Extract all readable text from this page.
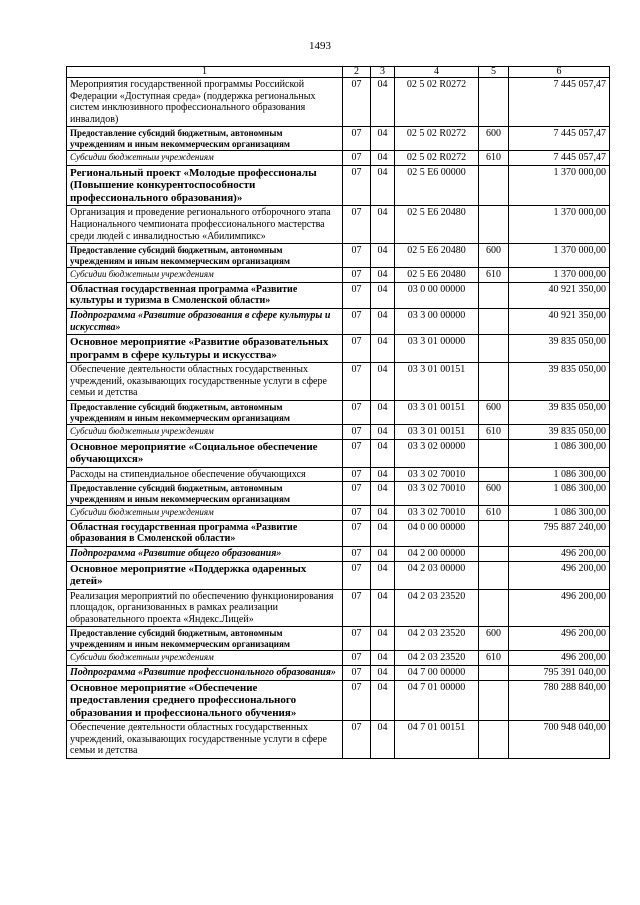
1493
1	2	3	4	5	6
Мероприятия государственной программы Российской Федерации «Доступная среда» (поддержка региональных систем инклюзивного профессионального образования инвалидов)	07	04	02 5 02 R0272		7 445 057,47
Предоставление субсидий бюджетным, автономным учреждениям и иным некоммерческим организациям	07	04	02 5 02 R0272	600	7 445 057,47
Субсидии бюджетным учреждениям	07	04	02 5 02 R0272	610	7 445 057,47
Региональный проект «Молодые профессионалы (Повышение конкурентоспособности профессионального образования)»	07	04	02 5 E6 00000		1 370 000,00
Организация и проведение регионального отборочного этапа Национального чемпионата профессионального мастерства среди людей с инвалидностью «Абилимпикс»	07	04	02 5 E6 20480		1 370 000,00
Предоставление субсидий бюджетным, автономным учреждениям и иным некоммерческим организациям	07	04	02 5 E6 20480	600	1 370 000,00
Субсидии бюджетным учреждениям	07	04	02 5 E6 20480	610	1 370 000,00
Областная государственная программа «Развитие культуры и туризма в Смоленской области»	07	04	03 0 00 00000		40 921 350,00
Подпрограмма «Развитие образования в сфере культуры и искусства»	07	04	03 3 00 00000		40 921 350,00
Основное мероприятие «Развитие образовательных программ в сфере культуры и искусства»	07	04	03 3 01 00000		39 835 050,00
Обеспечение деятельности областных государственных учреждений, оказывающих государственные услуги в сфере семьи и детства	07	04	03 3 01 00151		39 835 050,00
Предоставление субсидий бюджетным, автономным учреждениям и иным некоммерческим организациям	07	04	03 3 01 00151	600	39 835 050,00
Субсидии бюджетным учреждениям	07	04	03 3 01 00151	610	39 835 050,00
Основное мероприятие «Социальное обеспечение обучающихся»	07	04	03 3 02 00000		1 086 300,00
Расходы на стипендиальное обеспечение обучающихся	07	04	03 3 02 70010		1 086 300,00
Предоставление субсидий бюджетным, автономным учреждениям и иным некоммерческим организациям	07	04	03 3 02 70010	600	1 086 300,00
Субсидии бюджетным учреждениям	07	04	03 3 02 70010	610	1 086 300,00
Областная государственная программа «Развитие образования в Смоленской области»	07	04	04 0 00 00000		795 887 240,00
Подпрограмма «Развитие общего образования»	07	04	04 2 00 00000		496 200,00
Основное мероприятие «Поддержка одаренных детей»	07	04	04 2 03 00000		496 200,00
Реализация мероприятий по обеспечению функционирования площадок, организованных в рамках реализации образовательного проекта «Яндекс.Лицей»	07	04	04 2 03 23520		496 200,00
Предоставление субсидий бюджетным, автономным учреждениям и иным некоммерческим организациям	07	04	04 2 03 23520	600	496 200,00
Субсидии бюджетным учреждениям	07	04	04 2 03 23520	610	496 200,00
Подпрограмма «Развитие профессионального образования»	07	04	04 7 00 00000		795 391 040,00
Основное мероприятие «Обеспечение предоставления среднего профессионального образования и профессионального обучения»	07	04	04 7 01 00000		780 288 840,00
Обеспечение деятельности областных государственных учреждений, оказывающих государственные услуги в сфере семьи и детства	07	04	04 7 01 00151		700 948 040,00
